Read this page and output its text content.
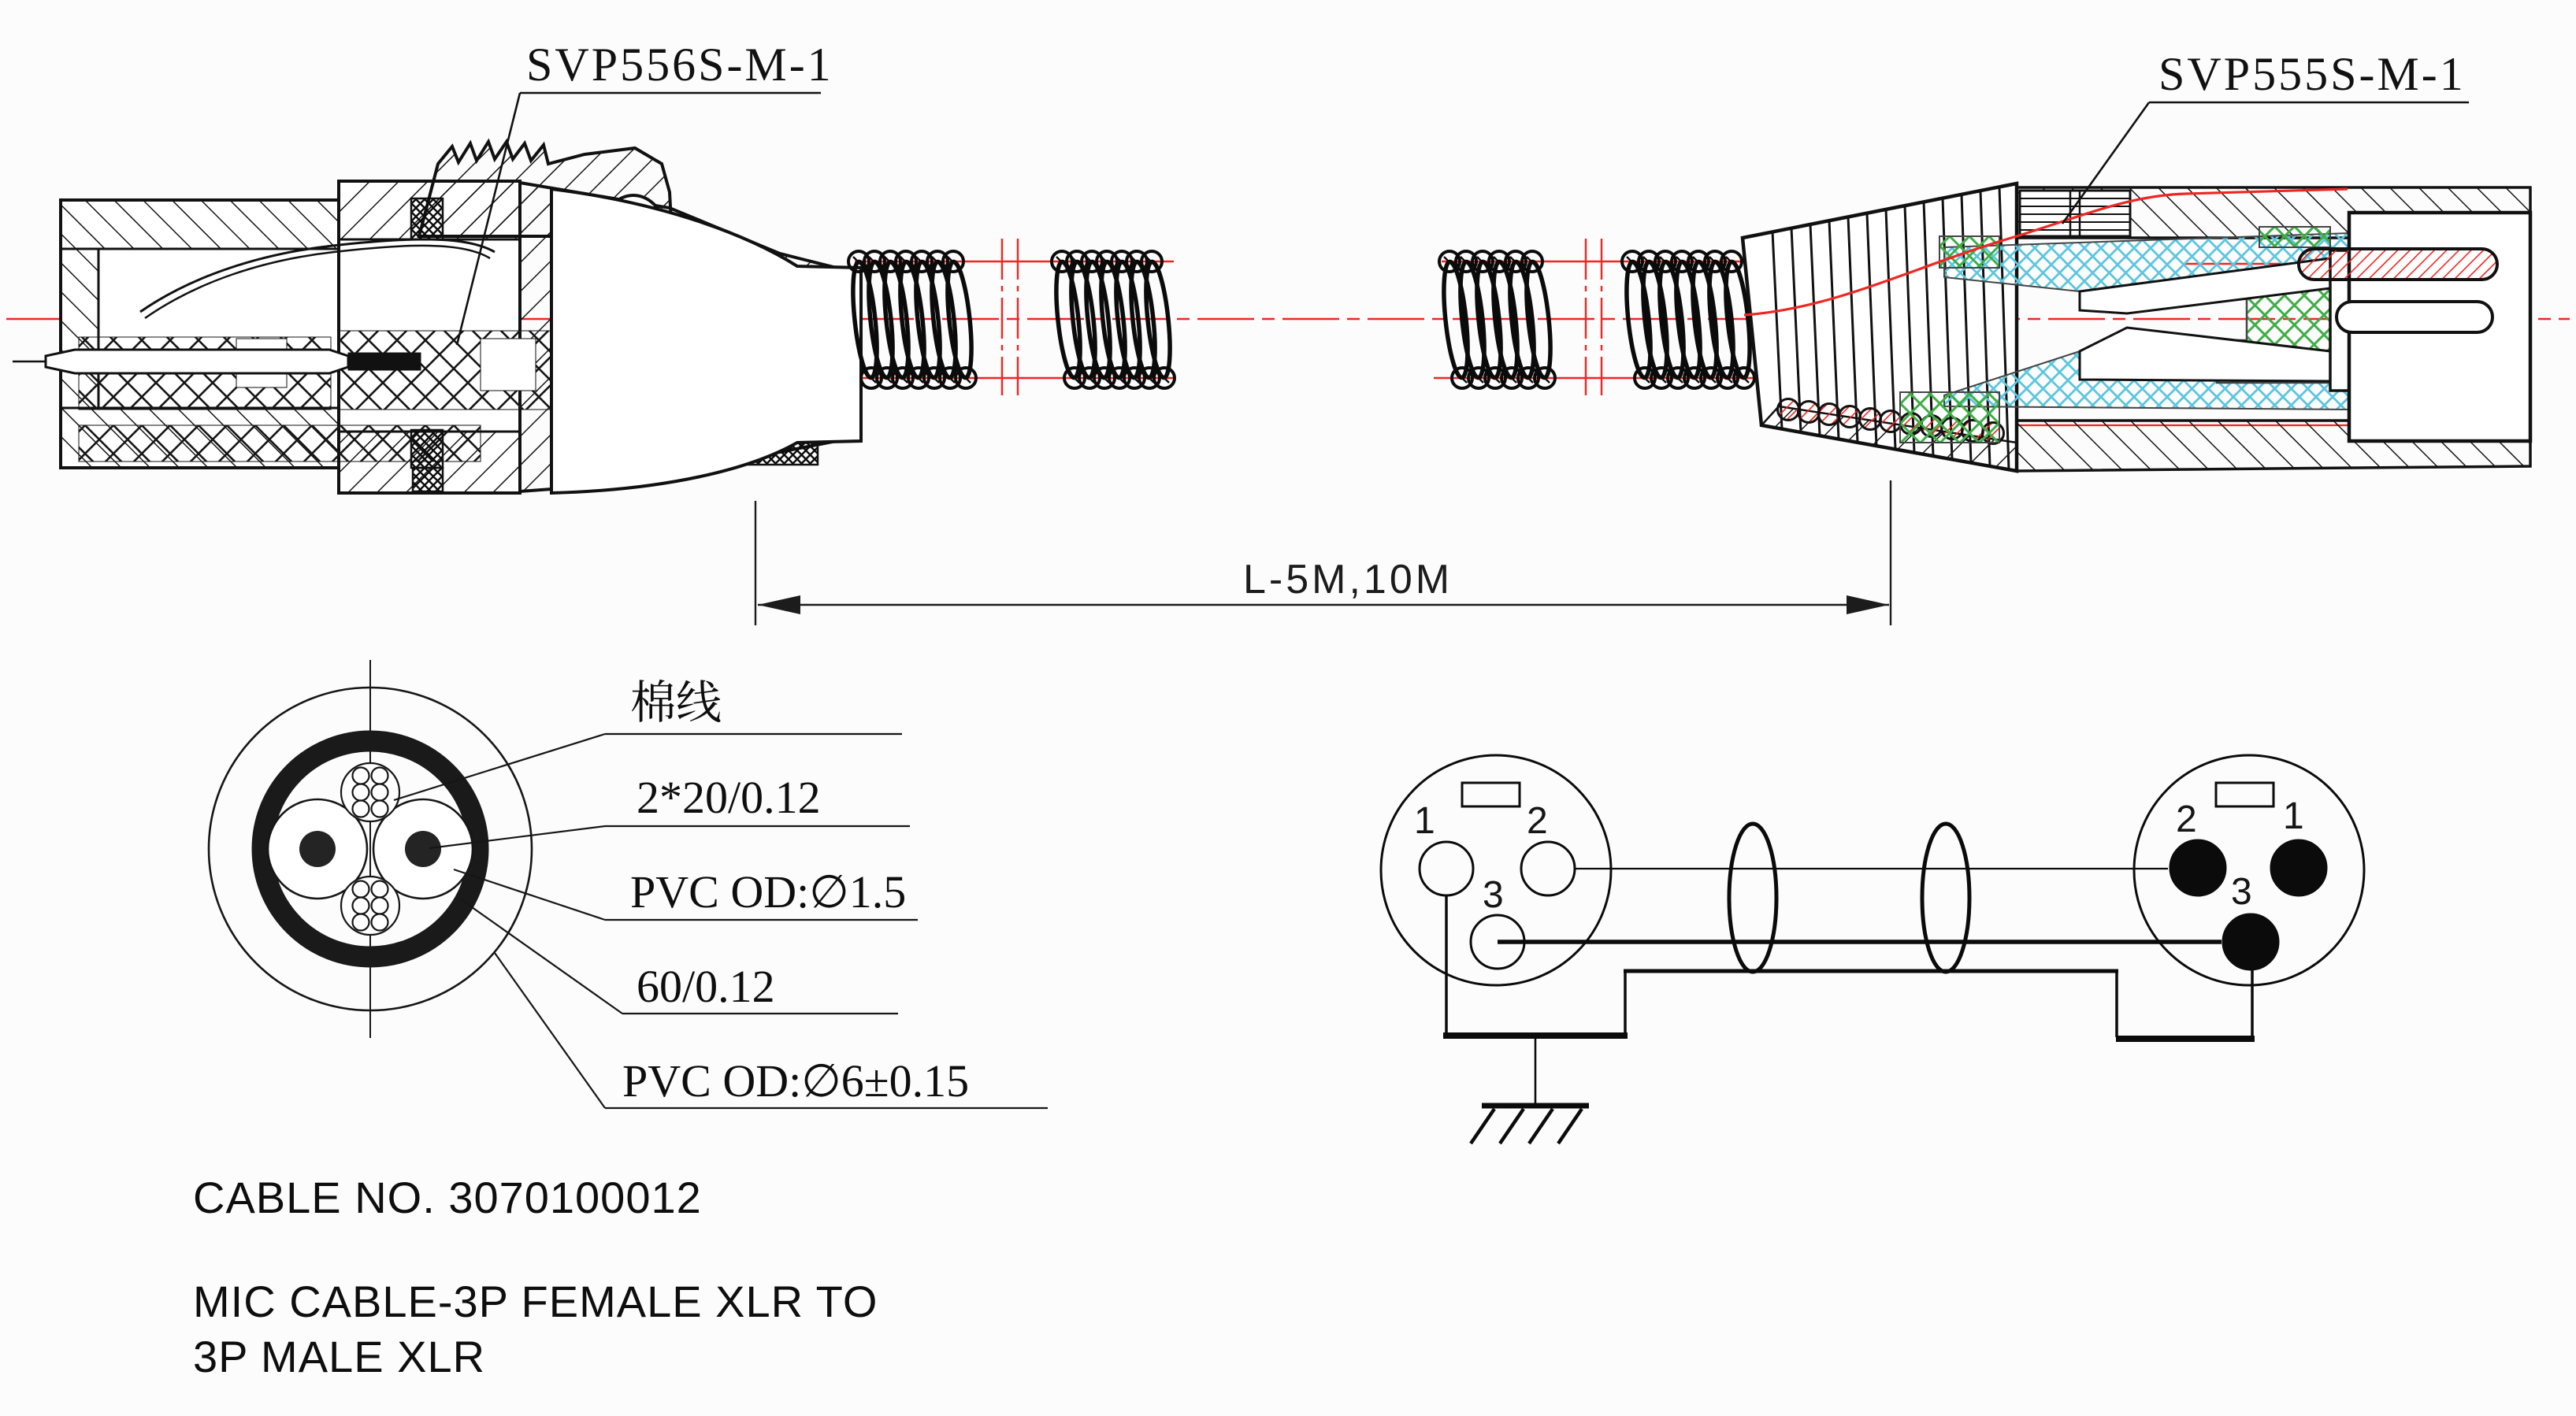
SVP556S-M-1	SVP555S-M-1
L-5M,10M
棉线
2*20/0.12
PVC OD:∅1.5
60/0.12
PVC OD:∅6±0.15
1 2
3
2 1
3
CABLE NO. 3070100012
MIC CABLE-3P FEMALE XLR TO
3P MALE XLR
